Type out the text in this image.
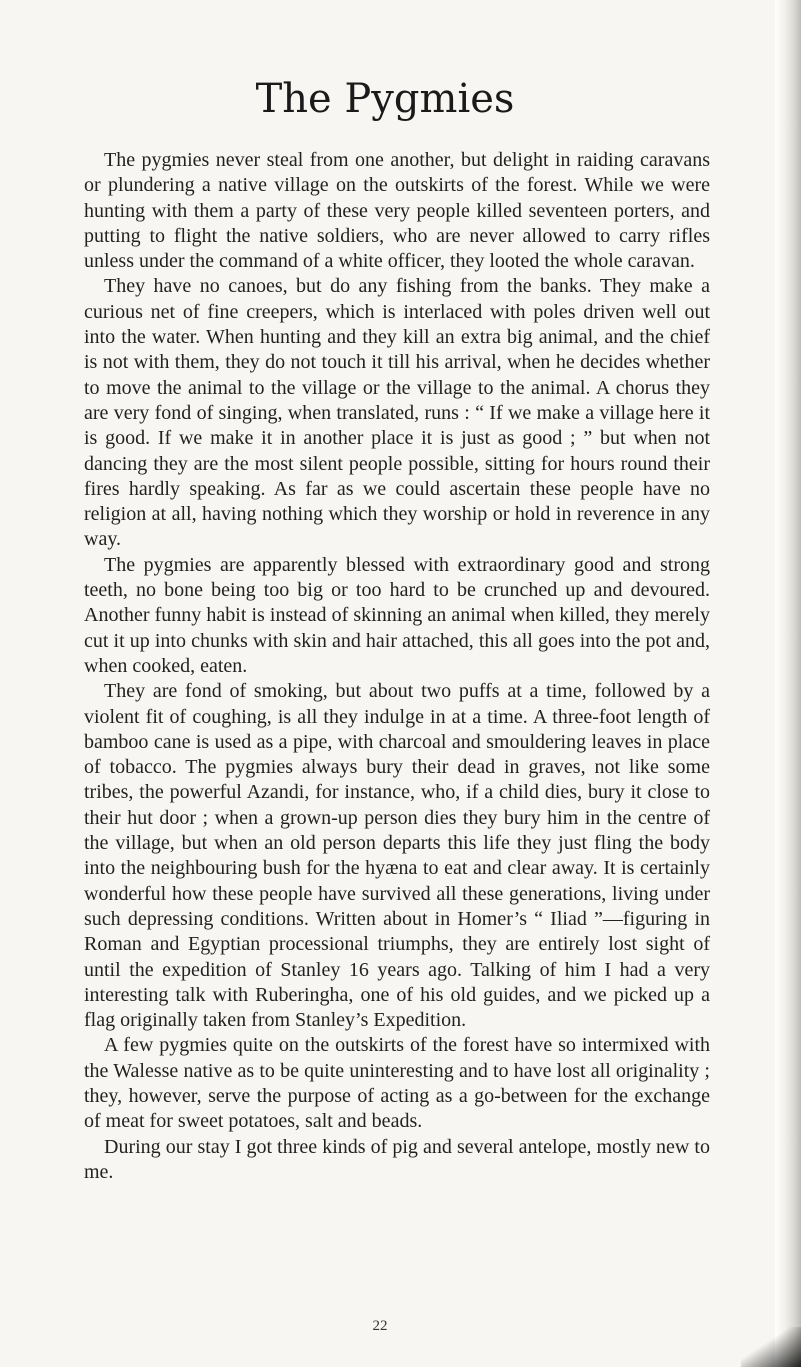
The Pygmies

The pygmies never steal from one another, but delight in raiding caravans or plundering a native village on the outskirts of the forest. While we were hunting with them a party of these very people killed seventeen porters, and putting to flight the native soldiers, who are never allowed to carry rifles unless under the command of a white officer, they looted the whole caravan.

They have no canoes, but do any fishing from the banks. They make a curious net of fine creepers, which is interlaced with poles driven well out into the water. When hunting and they kill an extra big animal, and the chief is not with them, they do not touch it till his arrival, when he decides whether to move the animal to the village or the village to the animal. A chorus they are very fond of singing, when translated, runs : “ If we make a village here it is good. If we make it in another place it is just as good ; ” but when not dancing they are the most silent people possible, sitting for hours round their fires hardly speaking. As far as we could ascertain these people have no religion at all, having nothing which they worship or hold in reverence in any way.

The pygmies are apparently blessed with extraordinary good and strong teeth, no bone being too big or too hard to be crunched up and devoured. Another funny habit is instead of skinning an animal when killed, they merely cut it up into chunks with skin and hair attached, this all goes into the pot and, when cooked, eaten.

They are fond of smoking, but about two puffs at a time, followed by a violent fit of coughing, is all they indulge in at a time. A three-foot length of bamboo cane is used as a pipe, with charcoal and smouldering leaves in place of tobacco. The pygmies always bury their dead in graves, not like some tribes, the powerful Azandi, for instance, who, if a child dies, bury it close to their hut door ; when a grown-up person dies they bury him in the centre of the village, but when an old person departs this life they just fling the body into the neighbouring bush for the hyæna to eat and clear away. It is certainly wonderful how these people have survived all these generations, living under such depressing conditions. Written about in Homer’s “ Iliad ”—figuring in Roman and Egyptian processional triumphs, they are entirely lost sight of until the expedition of Stanley 16 years ago. Talking of him I had a very interesting talk with Ruberingha, one of his old guides, and we picked up a flag originally taken from Stanley’s Expedition.

A few pygmies quite on the outskirts of the forest have so intermixed with the Walesse native as to be quite uninteresting and to have lost all originality ; they, however, serve the purpose of acting as a go-between for the exchange of meat for sweet potatoes, salt and beads.

During our stay I got three kinds of pig and several antelope, mostly new to me.

22
